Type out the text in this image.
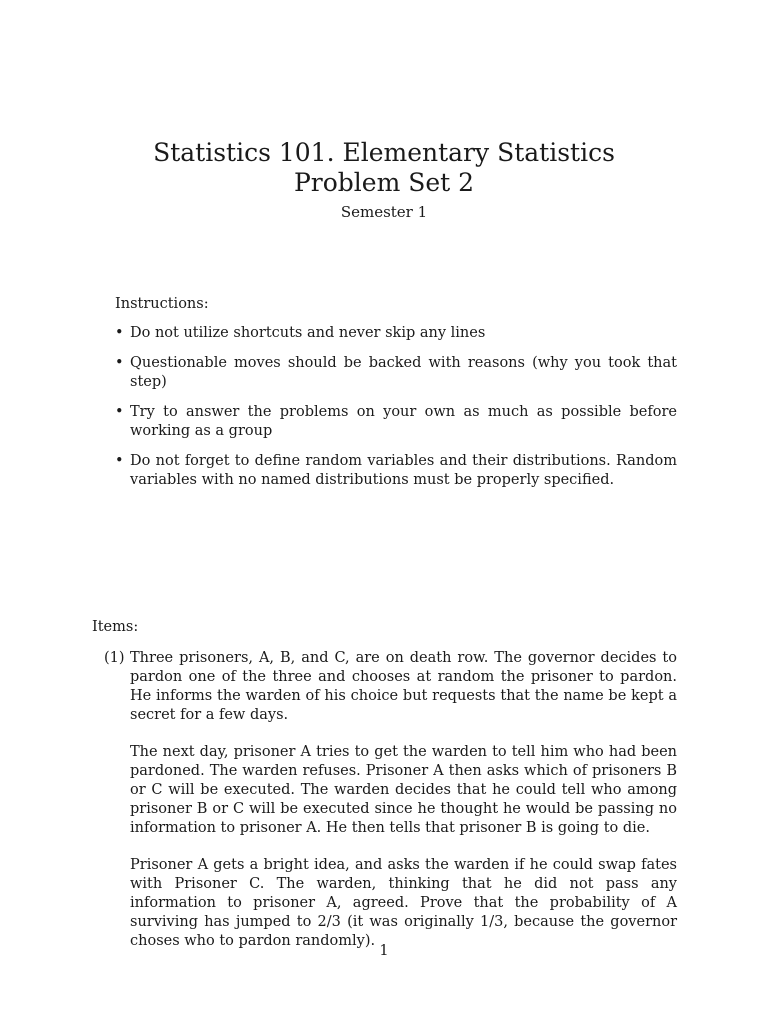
Statistics 101. Elementary Statistics
Problem Set 2
Semester 1

Instructions:

• Do not utilize shortcuts and never skip any lines
• Questionable moves should be backed with reasons (why you took that step)
• Try to answer the problems on your own as much as possible before working as a group
• Do not forget to define random variables and their distributions. Random variables with no named distributions must be properly specified.

Items:

(1) Three prisoners, A, B, and C, are on death row. The governor decides to pardon one of the three and chooses at random the prisoner to pardon. He informs the warden of his choice but requests that the name be kept a secret for a few days.

The next day, prisoner A tries to get the warden to tell him who had been pardoned. The warden refuses. Prisoner A then asks which of prisoners B or C will be executed. The warden decides that he could tell who among prisoner B or C will be executed since he thought he would be passing no information to prisoner A. He then tells that prisoner B is going to die.

Prisoner A gets a bright idea, and asks the warden if he could swap fates with Prisoner C. The warden, thinking that he did not pass any information to prisoner A, agreed. Prove that the probability of A surviving has jumped to 2/3 (it was originally 1/3, because the governor choses who to pardon randomly).

1
